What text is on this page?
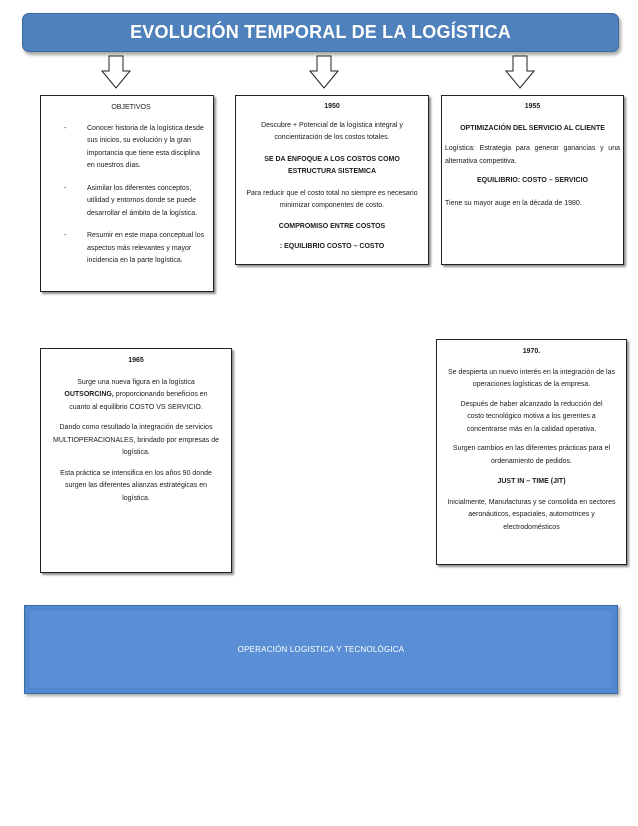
EVOLUCIÓN TEMPORAL DE LA LOGÍSTICA

OBJETIVOS

-	Conocer historia de la logística desde sus inicios, su evolución y la gran importancia que tiene esta disciplina en nuestros días.
-	Asimilar los diferentes conceptos, utilidad y entornos donde se puede desarrollar el ámbito de la logística.
-	Resumir en este mapa conceptual los aspectos más relevantes y mayor incidencia en la parte logística.

1950

Descubre + Potencial de la logística integral y concientización de los costos totales.

SE DA ENFOQUE A LOS COSTOS COMO ESTRUCTURA SISTEMICA

Para reducir que el costo total no siempre es necesario minimizar componentes de costo.

COMPROMISO ENTRE COSTOS

: EQUILIBRIO COSTO – COSTO

1955

OPTIMIZACIÓN DEL SERVICIO AL CLIENTE

Logística: Estrategia para generar ganancias y una alternativa competitiva.

EQUILIBRIO: COSTO – SERVICIO

Tiene su mayor auge en la década de 1980.

1965

Surge una nueva figura en la logística OUTSORCING, proporcionando beneficios en cuanto al equilibrio COSTO VS SERVICIO.

Dando como resultado la integración de servicios MULTIOPERACIONALES, brindado por empresas de logística.

Esta práctica se intensifica en los años 90 donde surgen las diferentes alianzas estratégicas en logística.

1970.

Se despierta un nuevo interés en la integración de las operaciones logísticas de la empresa.

Después de haber alcanzado la reducción del costo tecnológico motiva a los gerentes a concentrarse más en la calidad operativa.

Surgen cambios en las diferentes prácticas para el ordenamiento de pedidos.

JUST IN – TIME (JIT)

Inicialmente, Manufacturas y se consolida en sectores aeronáuticos, espaciales, automotrices y electrodomésticos

OPERACIÓN LOGISTICA Y TECNOLÓGICA
